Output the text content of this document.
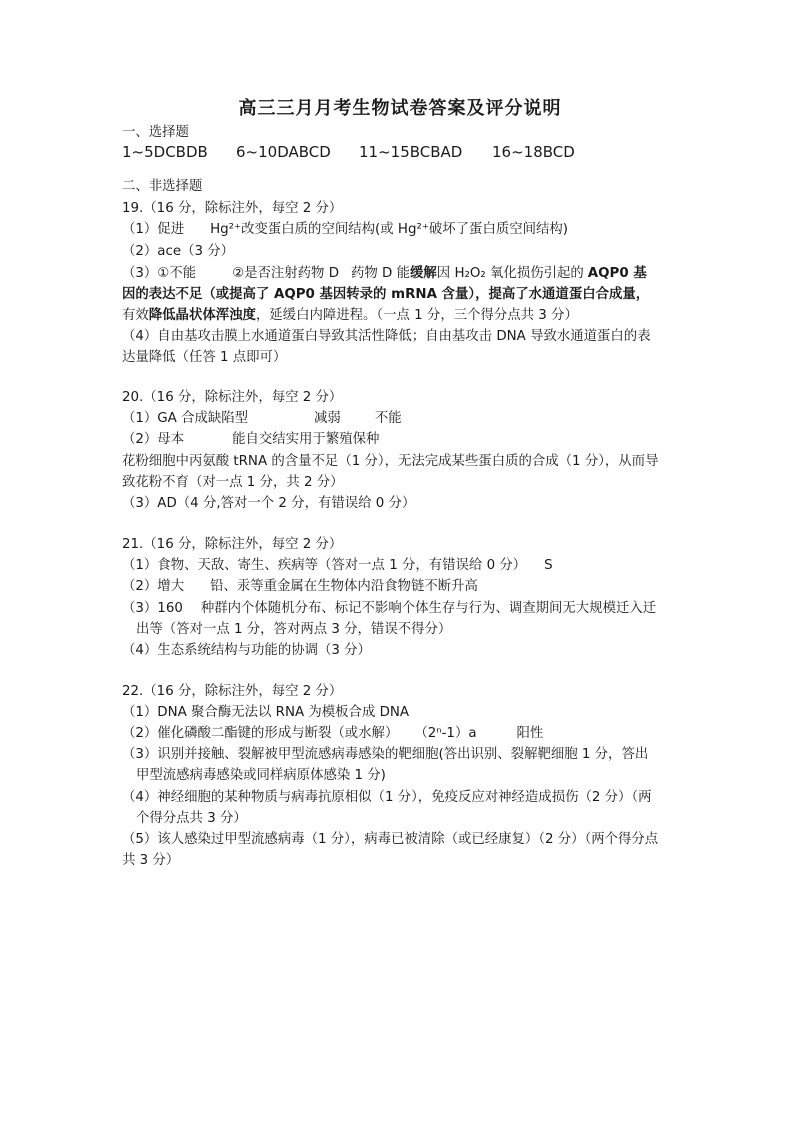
高三三月月考生物试卷答案及评分说明
一、选择题
1~5DCBDB 6~10DABCD 11~15BCBAD 16~18BCD
二、非选择题
19.（16 分，除标注外，每空 2 分）
（1）促进 Hg²⁺改变蛋白质的空间结构(或 Hg²⁺破坏了蛋白质空间结构)
（2）ace（3 分）
（3）①不能	②是否注射药物 D 药物 D 能缓解因 H₂O₂ 氧化损伤引起的 AQP0 基
因的表达不足（或提高了 AQP0 基因转录的 mRNA 含量），提高了水通道蛋白合成量，
有效降低晶状体浑浊度，延缓白内障进程。（一点 1 分，三个得分点共 3 分）
（4）自由基攻击膜上水通道蛋白导致其活性降低；自由基攻击 DNA 导致水通道蛋白的表
达量降低（任答 1 点即可）
20.（16 分，除标注外，每空 2 分）
（1）GA 合成缺陷型	减弱	不能
（2）母本	能自交结实用于繁殖保种
花粉细胞中丙氨酸 tRNA 的含量不足（1 分），无法完成某些蛋白质的合成（1 分），从而导
致花粉不育（对一点 1 分，共 2 分）
（3）AD（4 分,答对一个 2 分，有错误给 0 分）
21.（16 分，除标注外，每空 2 分）
（1）食物、天敌、寄生、疾病等（答对一点 1 分，有错误给 0 分） S
（2）增大 铅、汞等重金属在生物体内沿食物链不断升高
（3）160 种群内个体随机分布、标记不影响个体生存与行为、调查期间无大规模迁入迁
出等（答对一点 1 分，答对两点 3 分，错误不得分）
（4）生态系统结构与功能的协调（3 分）
22.（16 分，除标注外，每空 2 分）
（1）DNA 聚合酶无法以 RNA 为模板合成 DNA
（2）催化磷酸二酯键的形成与断裂（或水解） （2ⁿ-1）a	阳性
（3）识别并接触、裂解被甲型流感病毒感染的靶细胞(答出识别、裂解靶细胞 1 分，答出
甲型流感病毒感染或同样病原体感染 1 分)
（4）神经细胞的某种物质与病毒抗原相似（1 分），免疫反应对神经造成损伤（2 分）（两
个得分点共 3 分）
（5）该人感染过甲型流感病毒（1 分），病毒已被清除（或已经康复）（2 分）（两个得分点
共 3 分）
